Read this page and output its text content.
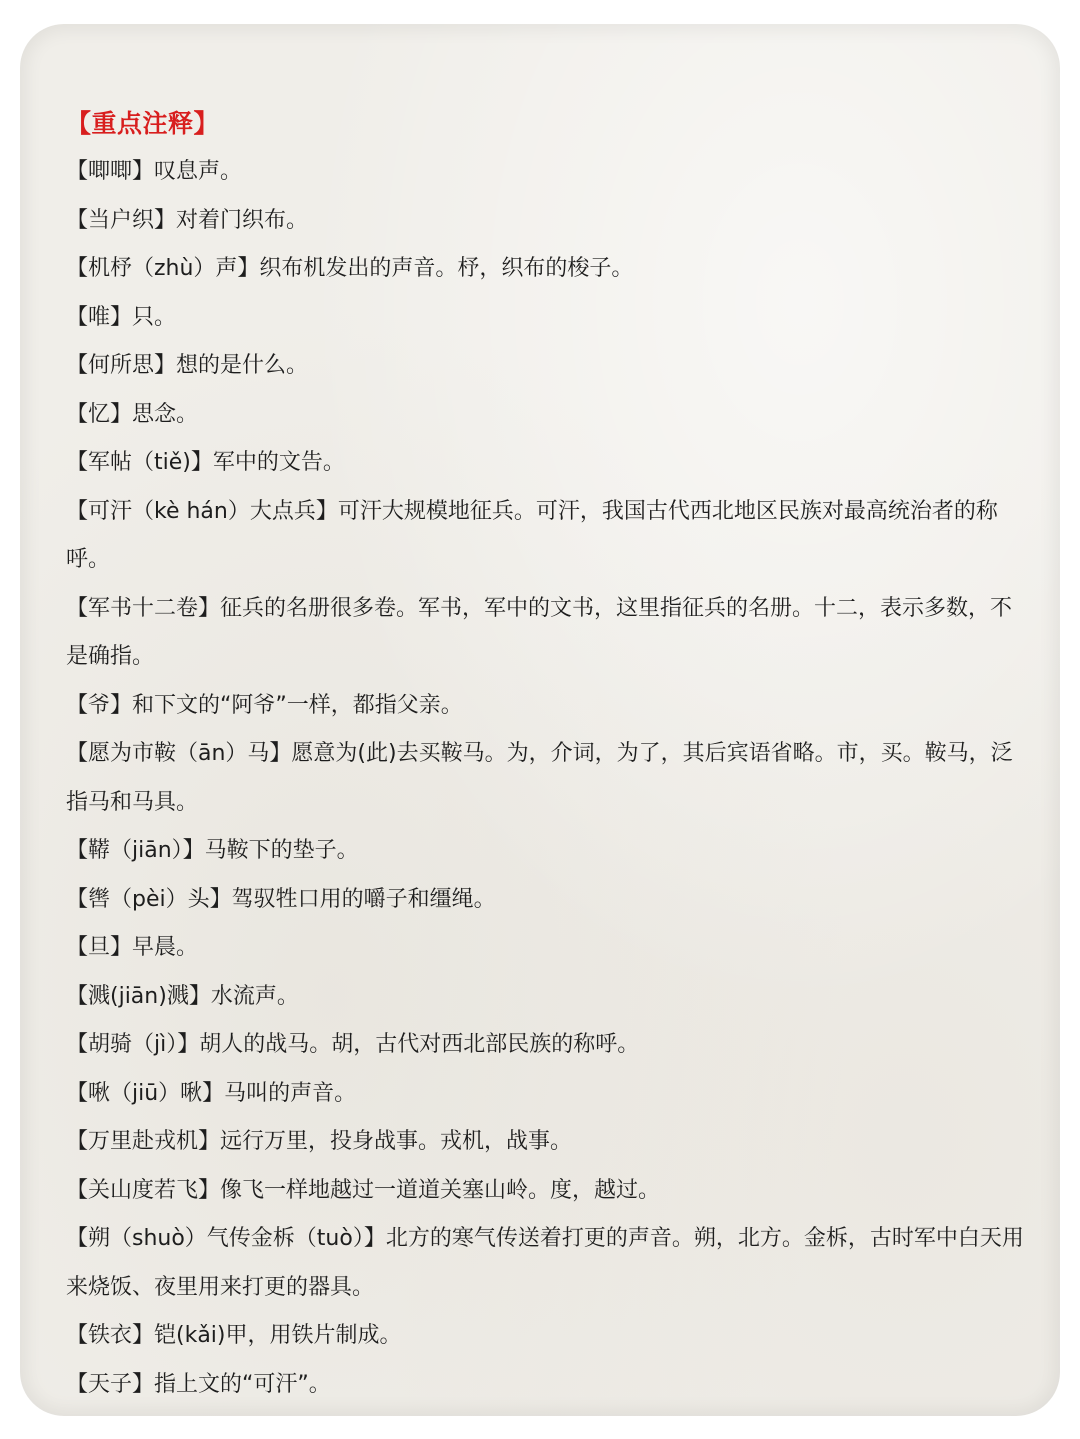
【重点注释】
【唧唧】叹息声。
【当户织】对着门织布。
【机杼（zhù）声】织布机发出的声音。杼，织布的梭子。
【唯】只。
【何所思】想的是什么。
【忆】思念。
【军帖（tiě)】军中的文告。
【可汗（kè hán）大点兵】可汗大规模地征兵。可汗，我国古代西北地区民族对最高统治者的称呼。
【军书十二卷】征兵的名册很多卷。军书，军中的文书，这里指征兵的名册。十二，表示多数，不是确指。
【爷】和下文的“阿爷”一样，都指父亲。
【愿为市鞍（ān）马】愿意为(此)去买鞍马。为，介词，为了，其后宾语省略。市，买。鞍马，泛指马和马具。
【鞯（jiān）】马鞍下的垫子。
【辔（pèi）头】驾驭牲口用的嚼子和缰绳。
【旦】早晨。
【溅(jiān)溅】水流声。
【胡骑（jì）】胡人的战马。胡，古代对西北部民族的称呼。
【啾（jiū）啾】马叫的声音。
【万里赴戎机】远行万里，投身战事。戎机，战事。
【关山度若飞】像飞一样地越过一道道关塞山岭。度，越过。
【朔（shuò）气传金柝（tuò）】北方的寒气传送着打更的声音。朔，北方。金柝，古时军中白天用来烧饭、夜里用来打更的器具。
【铁衣】铠(kǎi)甲，用铁片制成。
【天子】指上文的“可汗”。
